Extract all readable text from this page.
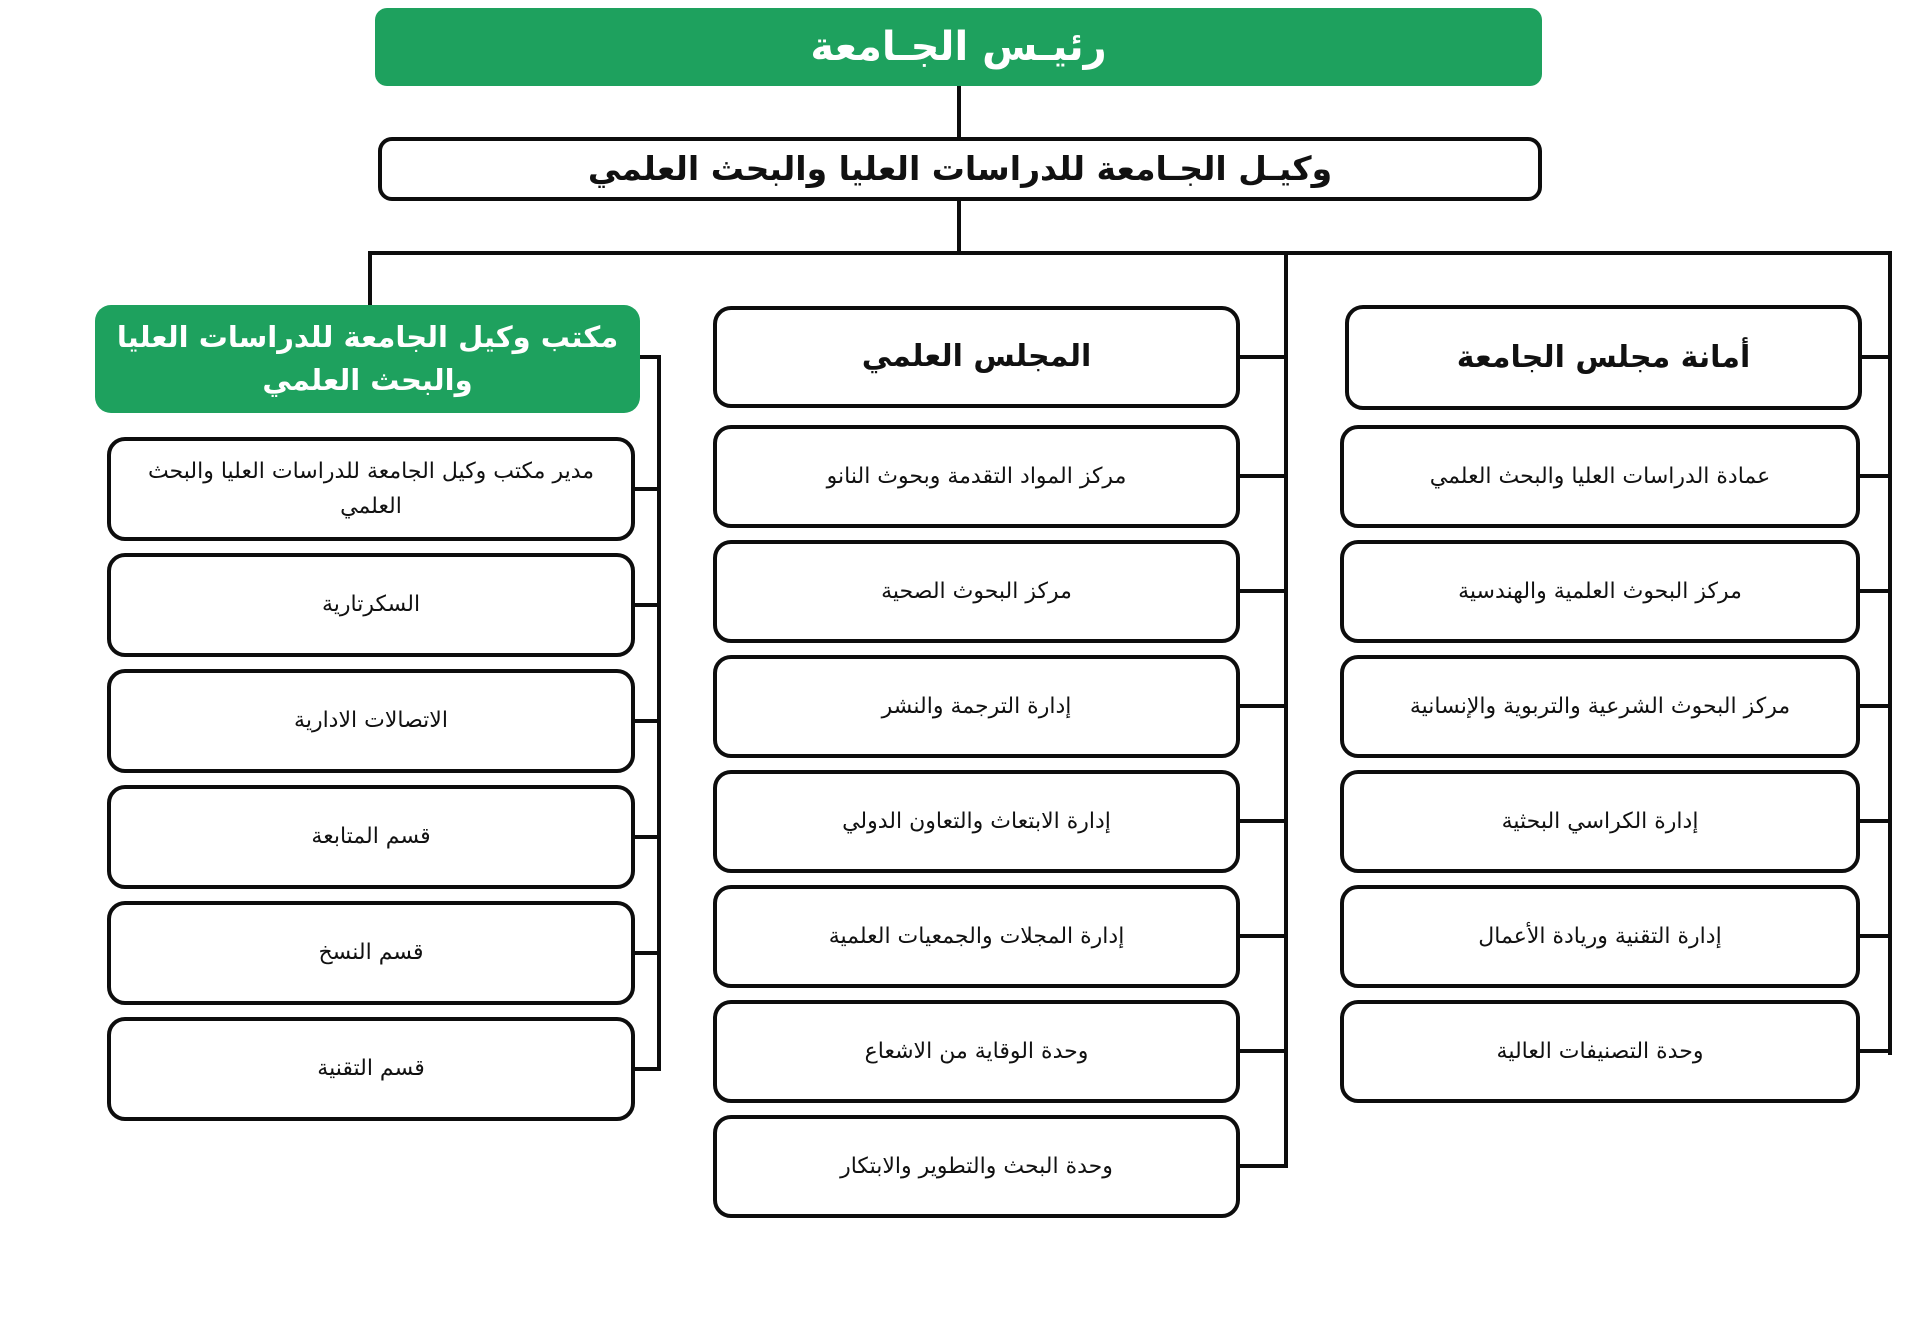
رئيـس الجـامعة
وكيـل الجـامعة للدراسات العليا والبحث العلمي
مكتب وكيل الجامعة للدراسات العليا والبحث العلمي
مدير مكتب وكيل الجامعة للدراسات العليا والبحث العلمي
السكرتارية
الاتصالات الادارية
قسم المتابعة
قسم النسخ
قسم التقنية
المجلس العلمي
مركز المواد التقدمة وبحوث النانو
مركز البحوث الصحية
إدارة الترجمة والنشر
إدارة الابتعاث والتعاون الدولي
إدارة المجلات والجمعيات العلمية
وحدة الوقاية من الاشعاع
وحدة البحث والتطوير والابتكار
أمانة مجلس الجامعة
عمادة الدراسات العليا والبحث العلمي
مركز البحوث العلمية والهندسية
مركز البحوث الشرعية والتربوية والإنسانية
إدارة الكراسي البحثية
إدارة التقنية وريادة الأعمال
وحدة التصنيفات العالية
